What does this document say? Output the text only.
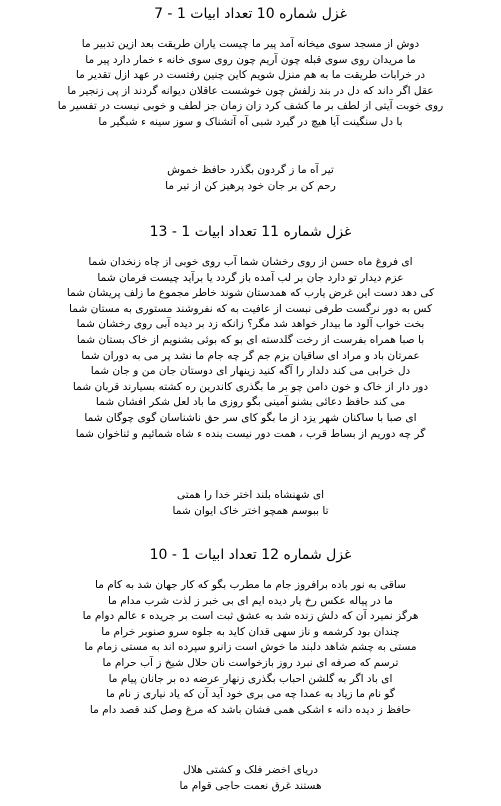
غزل شماره 10 تعداد ابیات 1 - 7
دوش از مسجد سوی میخانه آمد پیر ما چیست یاران طریقت بعد ازین تدبیر ما
ما مریدان روی سوی قبله چون آریم چون روی سوی خانه ء خمار دارد پیر ما
در خرابات طریقت ما به هم منزل شویم کاین چنین رفتست در عهد ازل تقدیر ما
عقل اگر داند که دل در بند زلفش چون خوشست عاقلان دیوانه گردند از پی زنجیر ما
روی خوبت آیتی از لطف بر ما کشف کرد زان زمان جز لطف و خوبی نیست در تفسیر ما
با دل سنگینت آیا هیچ در گیرد شبی آه آتشناک و سوز سینه ء شبگیر ما
تیر آه ما ز گردون بگذرد حافظ خموش
رحم کن بر جان خود پرهیز کن از تیر ما
غزل شماره 11 تعداد ابیات 1 - 13
ای فروغ ماه حسن از روی رخشان شما آب روی خوبی از چاه زنخدان شما
عزم دیدار تو دارد جان بر لب آمده باز گردد یا برآید چیست فرمان شما
کی دهد دست این غرض یارب که همدستان شوند خاطر مجموع ما زلف پریشان شما
کس به دور نرگست طرفی نبست از عافیت به که نفروشند مستوری به مستان شما
بخت خواب آلود ما بیدار خواهد شد مگر؟ زانکه زد بر دیده آبی روی رخشان شما
با صبا همراه بفرست از رخت گلدسته ای بو که بوئی بشنویم از خاک بستان شما
عمرتان باد و مراد ای ساقیان بزم جم گر چه جام ما نشد پر می به دوران شما
دل خرابی می کند دلدار را آگه کنید زینهار ای دوستان جان من و جان شما
دور دار از خاک و خون دامن چو بر ما بگذری کاندرین ره کشته بسیارند قربان شما
می کند حافظ دعائی بشنو آمینی بگو روزی ما باد لعل شکر افشان شما
ای صبا با ساکنان شهر یزد از ما بگو کای سر حق ناشناسان گوی چوگان شما
گر چه دوریم از بساط قرب ، همت دور نیست بنده ء شاه شمائیم و ثناخوان شما
ای شهنشاه بلند اختر خدا را همتی
تا ببوسم همچو اختر خاک ایوان شما
غزل شماره 12 تعداد ابیات 1 - 10
ساقی به نور باده برافروز جام ما مطرب بگو که کار جهان شد به کام ما
ما در پیاله عکس رخ یار دیده ایم ای بی خبر ز لذت شرب مدام ما
هرگز نمیرد آن که دلش زنده شد به عشق ثبت است بر جریده ء عالم دوام ما
چندان بود کرشمه و ناز سهی قدان کاید به جلوه سرو صنوبر خرام ما
مستی به چشم شاهد دلبند ما خوش است زانرو سپرده اند به مستی زمام ما
ترسم که صرفه ای نبرد روز بازخواست نان حلال شیخ ز آب حرام ما
ای باد اگر به گلشن احباب بگذری زنهار عرضه ده بر جانان پیام ما
گو نام ما زیاد به عمدا چه می بری خود آید آن که یاد نیاری ز نام ما
حافظ ز دیده دانه ء اشکی همی فشان باشد که مرغ وصل کند قصد دام ما
دریای اخضر فلک و کشتی هلال
هستند غرق نعمت حاجی قوام ما
